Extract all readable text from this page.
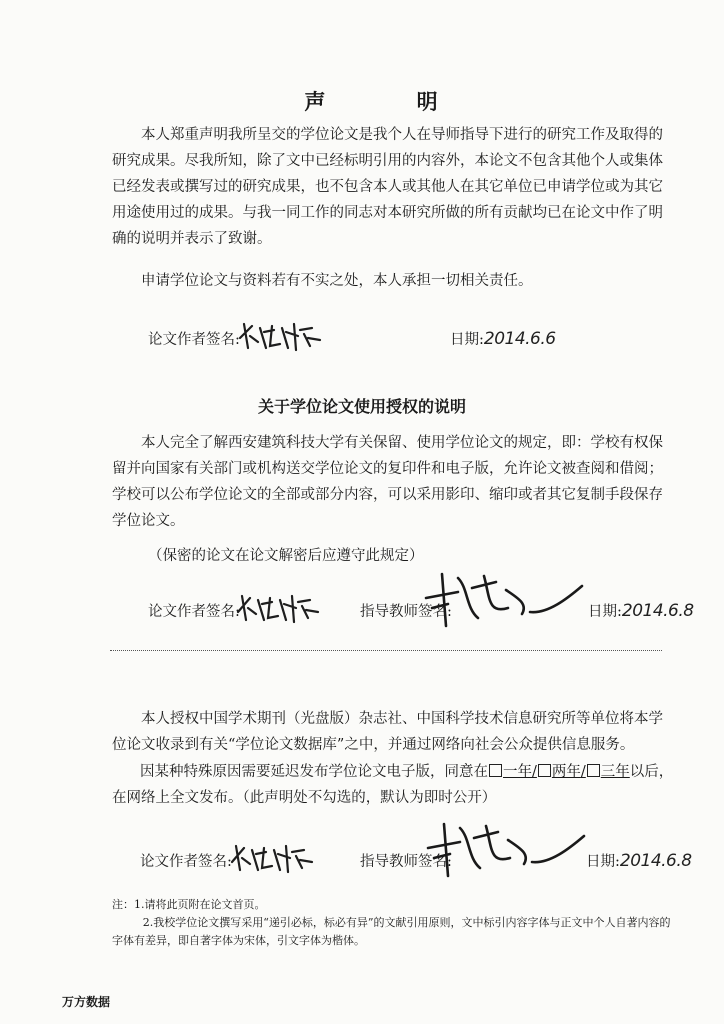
声 明

本人郑重声明我所呈交的学位论文是我个人在导师指导下进行的研究工作及取得的研究成果。尽我所知，除了文中已经标明引用的内容外，本论文不包含其他个人或集体已经发表或撰写过的研究成果，也不包含本人或其他人在其它单位已申请学位或为其它用途使用过的成果。与我一同工作的同志对本研究所做的所有贡献均已在论文中作了明确的说明并表示了致谢。

申请学位论文与资料若有不实之处，本人承担一切相关责任。

论文作者签名:	日期:2014.6.6
关于学位论文使用授权的说明

本人完全了解西安建筑科技大学有关保留、使用学位论文的规定，即：学校有权保留并向国家有关部门或机构送交学位论文的复印件和电子版，允许论文被查阅和借阅；学校可以公布学位论文的全部或部分内容，可以采用影印、缩印或者其它复制手段保存学位论文。

（保密的论文在论文解密后应遵守此规定）
论文作者签名:	指导教师签名:	日期:2014.6.8

本人授权中国学术期刊（光盘版）杂志社、中国科学技术信息研究所等单位将本学位论文收录到有关“学位论文数据库”之中，并通过网络向社会公众提供信息服务。

因某种特殊原因需要延迟发布学位论文电子版，同意在 一年/ 两年/ 三年以后，
在网络上全文发布。（此声明处不勾选的，默认为即时公开）
论文作者签名:	指导教师签名:	日期:2014.6.8
注：1.请将此页附在论文首页。
2.我校学位论文撰写采用“递引必标，标必有异”的文献引用原则，文中标引内容字体与正文中个人自著内容的字体有差异，即自著字体为宋体，引文字体为楷体。
万方数据
